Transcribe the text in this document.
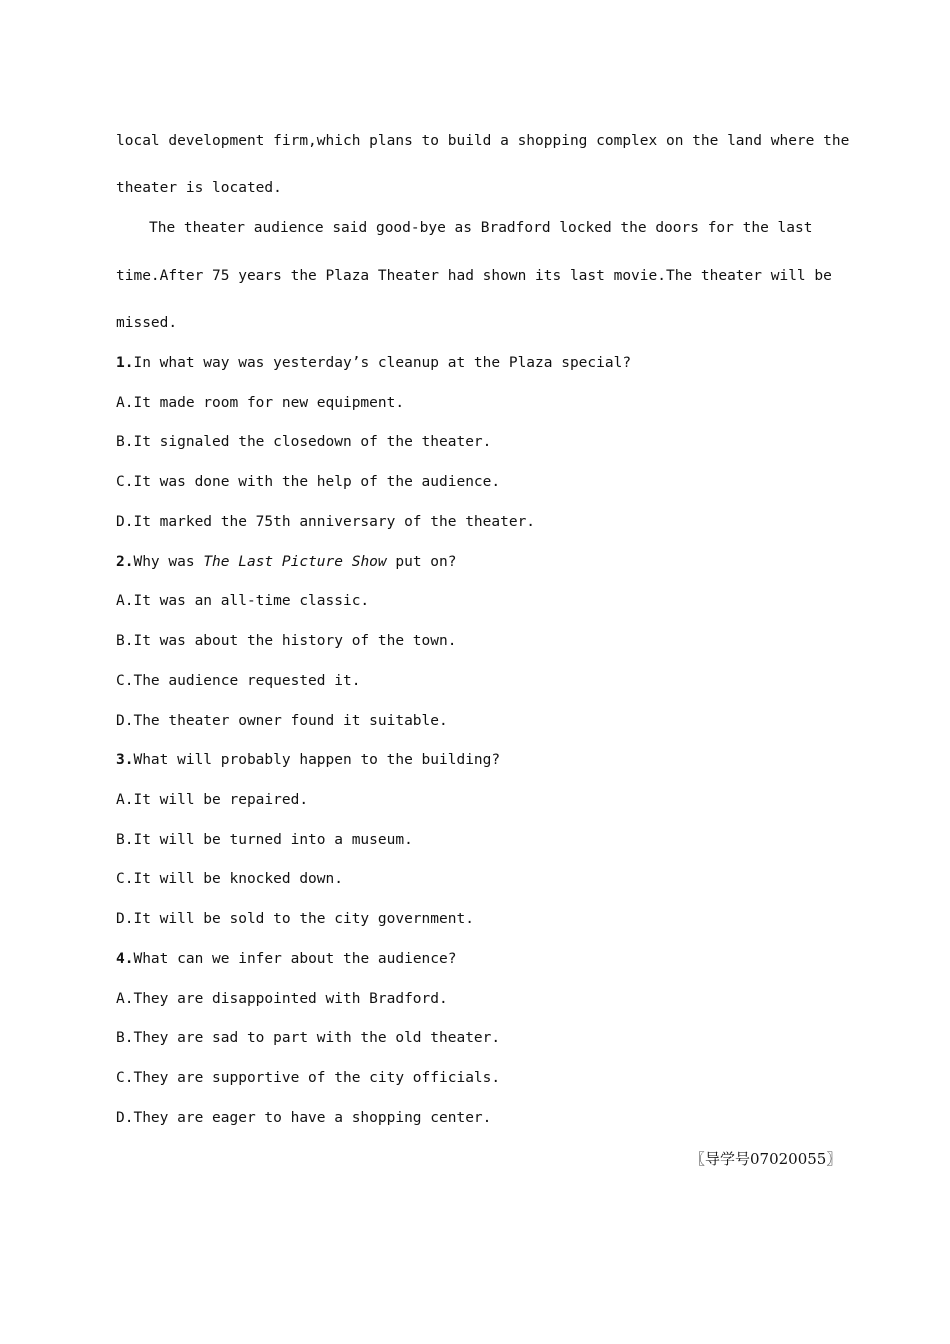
local development firm,which plans to build a shopping complex on the land where the
theater is located.
The theater audience said good-bye as Bradford locked the doors for the last
time.After 75 years the Plaza Theater had shown its last movie.The theater will be
missed.
1.In what way was yesterday’s cleanup at the Plaza special?
A.It made room for new equipment.
B.It signaled the closedown of the theater.
C.It was done with the help of the audience.
D.It marked the 75th anniversary of the theater.
2.Why was The Last Picture Show put on?
A.It was an all-time classic.
B.It was about the history of the town.
C.The audience requested it.
D.The theater owner found it suitable.
3.What will probably happen to the building?
A.It will be repaired.
B.It will be turned into a museum.
C.It will be knocked down.
D.It will be sold to the city government.
4.What can we infer about the audience?
A.They are disappointed with Bradford.
B.They are sad to part with the old theater.
C.They are supportive of the city officials.
D.They are eager to have a shopping center.
〖导学号07020055〗
